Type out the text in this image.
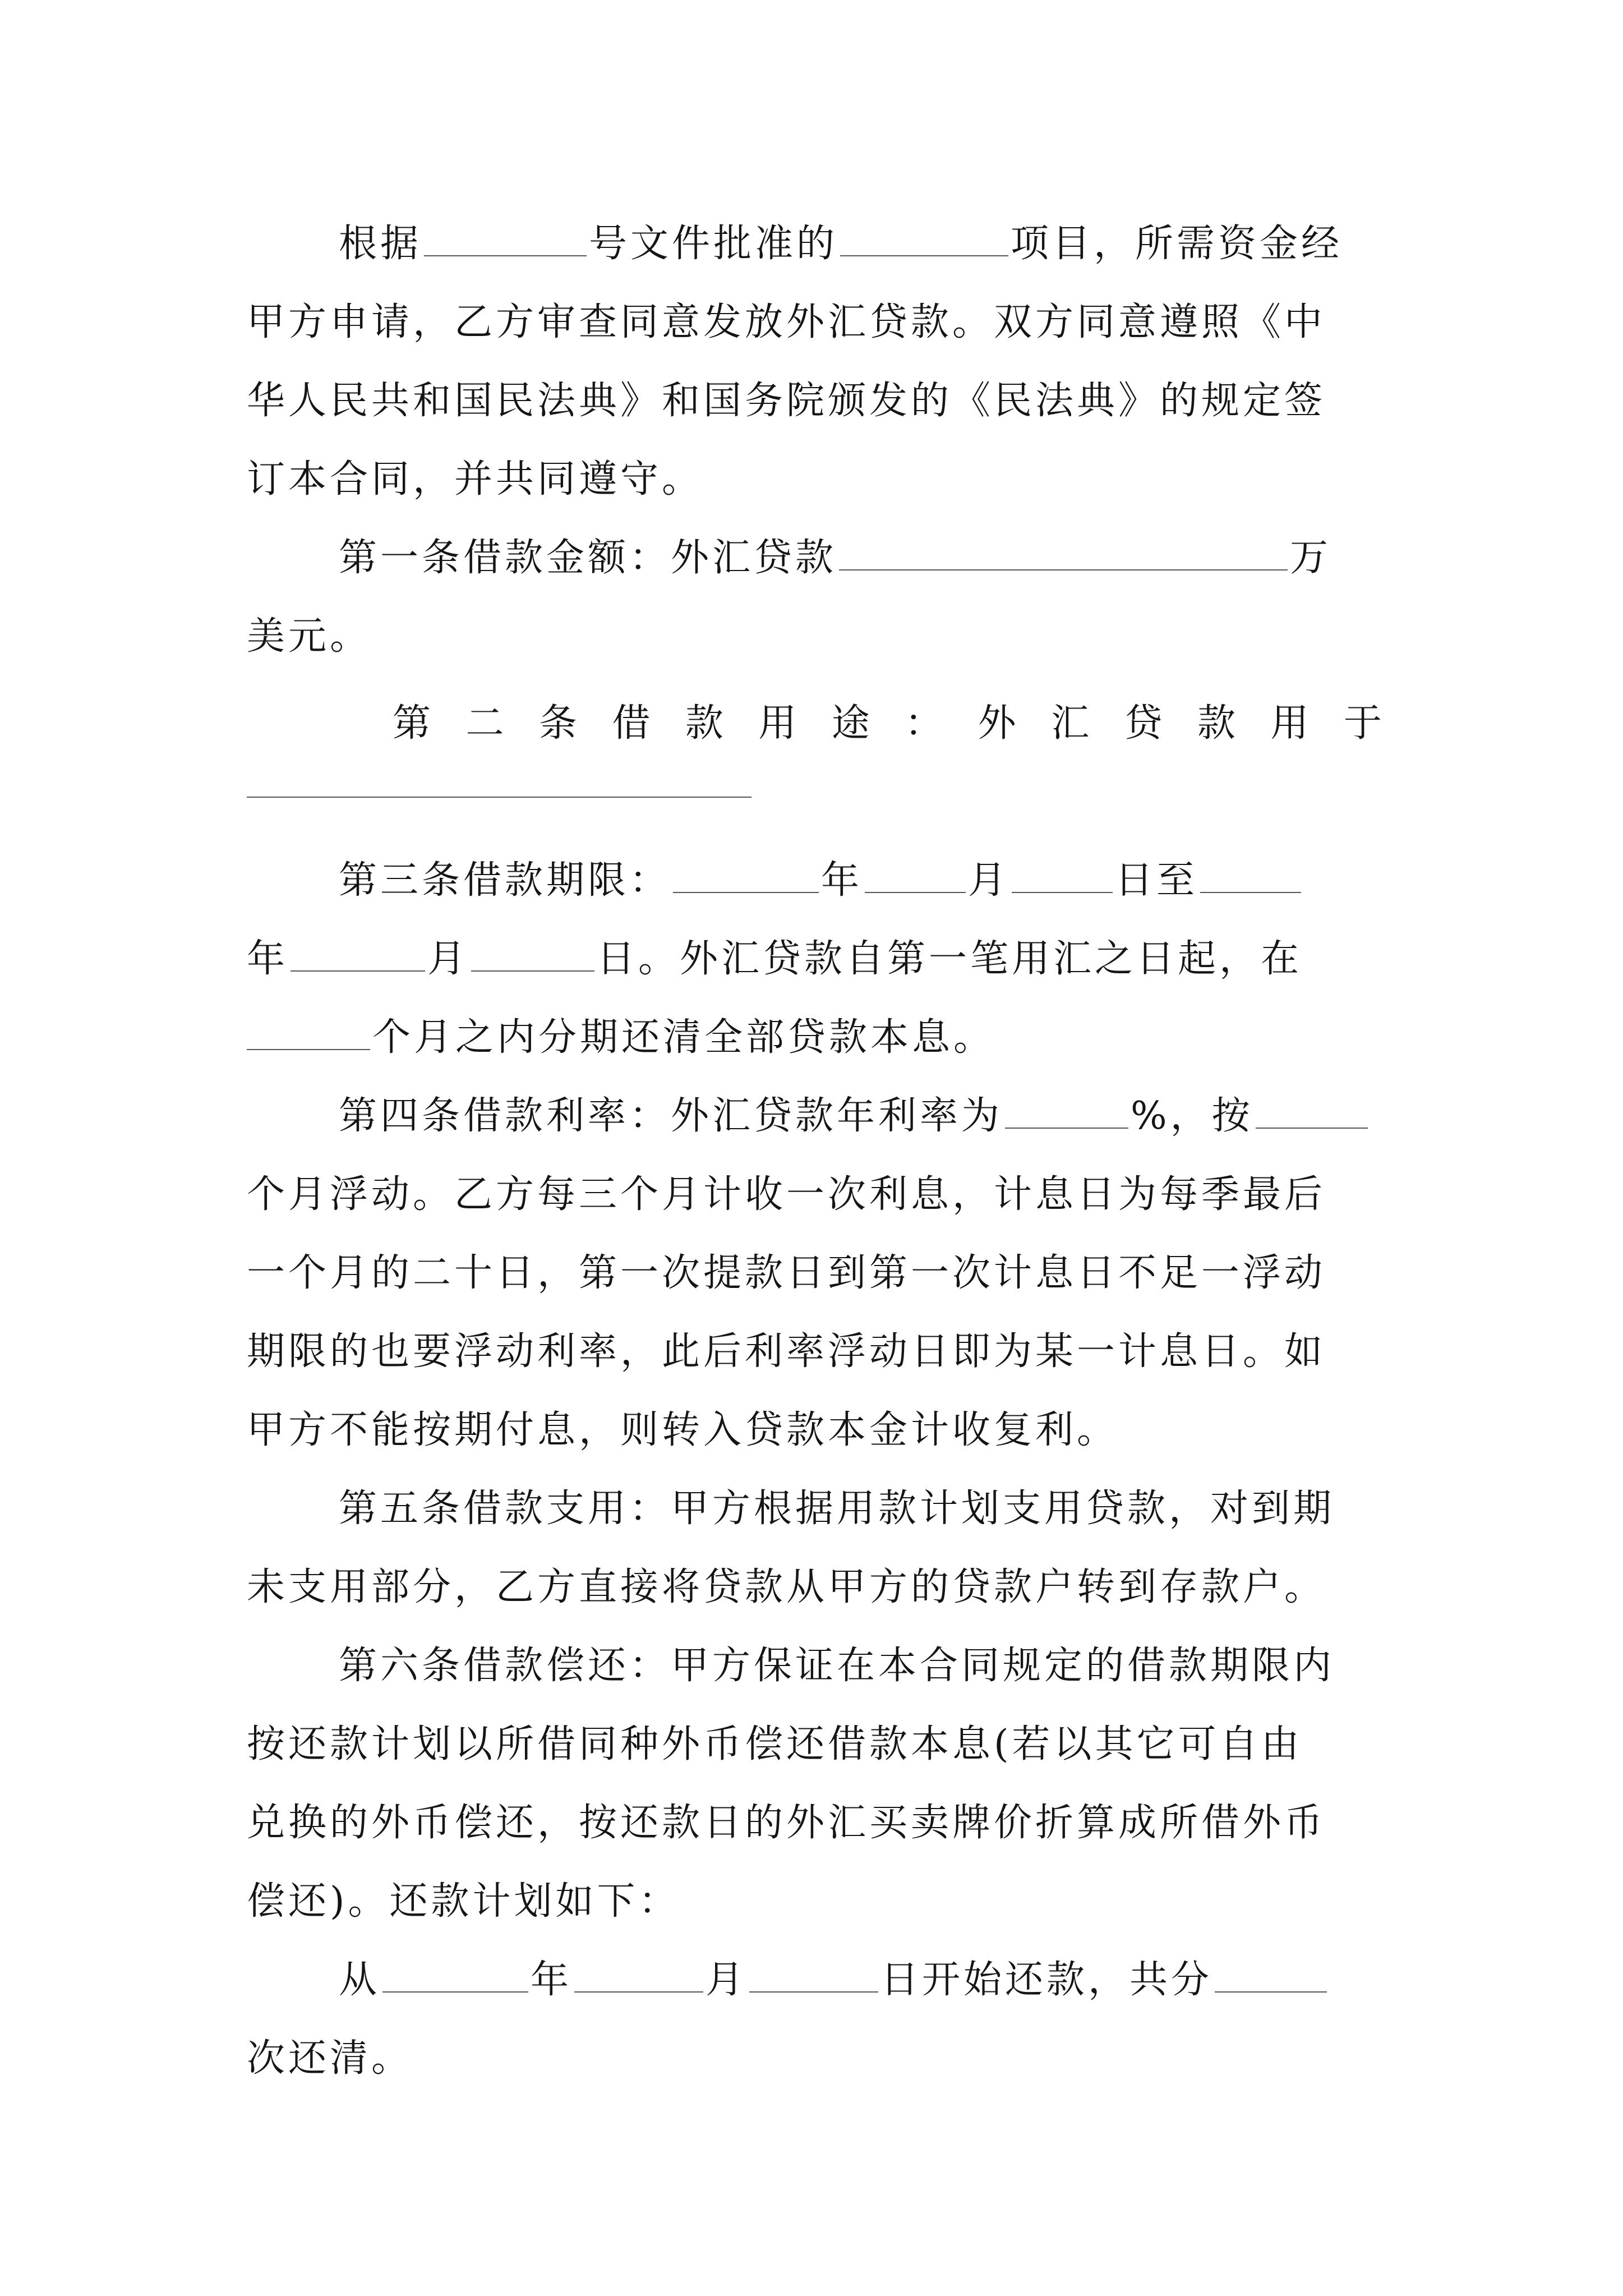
根据	号文件批准的	项目，所需资金经
甲方申请，乙方审查同意发放外汇贷款。双方同意遵照《中
华人民共和国民法典》和国务院颁发的《民法典》的规定签
订本合同，并共同遵守。
第一条借款金额：外汇贷款	万
美元。
第 二 条 借 款 用 途 ： 外 汇 贷 款 用 于
第三条借款期限：	年	月	日至
年	月	日。外汇贷款自第一笔用汇之日起，在
个月之内分期还清全部贷款本息。
第四条借款利率：外汇贷款年利率为	%，按
个月浮动。乙方每三个月计收一次利息，计息日为每季最后
一个月的二十日，第一次提款日到第一次计息日不足一浮动
期限的也要浮动利率，此后利率浮动日即为某一计息日。如
甲方不能按期付息，则转入贷款本金计收复利。
第五条借款支用：甲方根据用款计划支用贷款，对到期
未支用部分，乙方直接将贷款从甲方的贷款户转到存款户。
第六条借款偿还：甲方保证在本合同规定的借款期限内
按还款计划以所借同种外币偿还借款本息(若以其它可自由
兑换的外币偿还，按还款日的外汇买卖牌价折算成所借外币
偿还)。还款计划如下：
从	年	月	日开始还款，共分
次还清。
